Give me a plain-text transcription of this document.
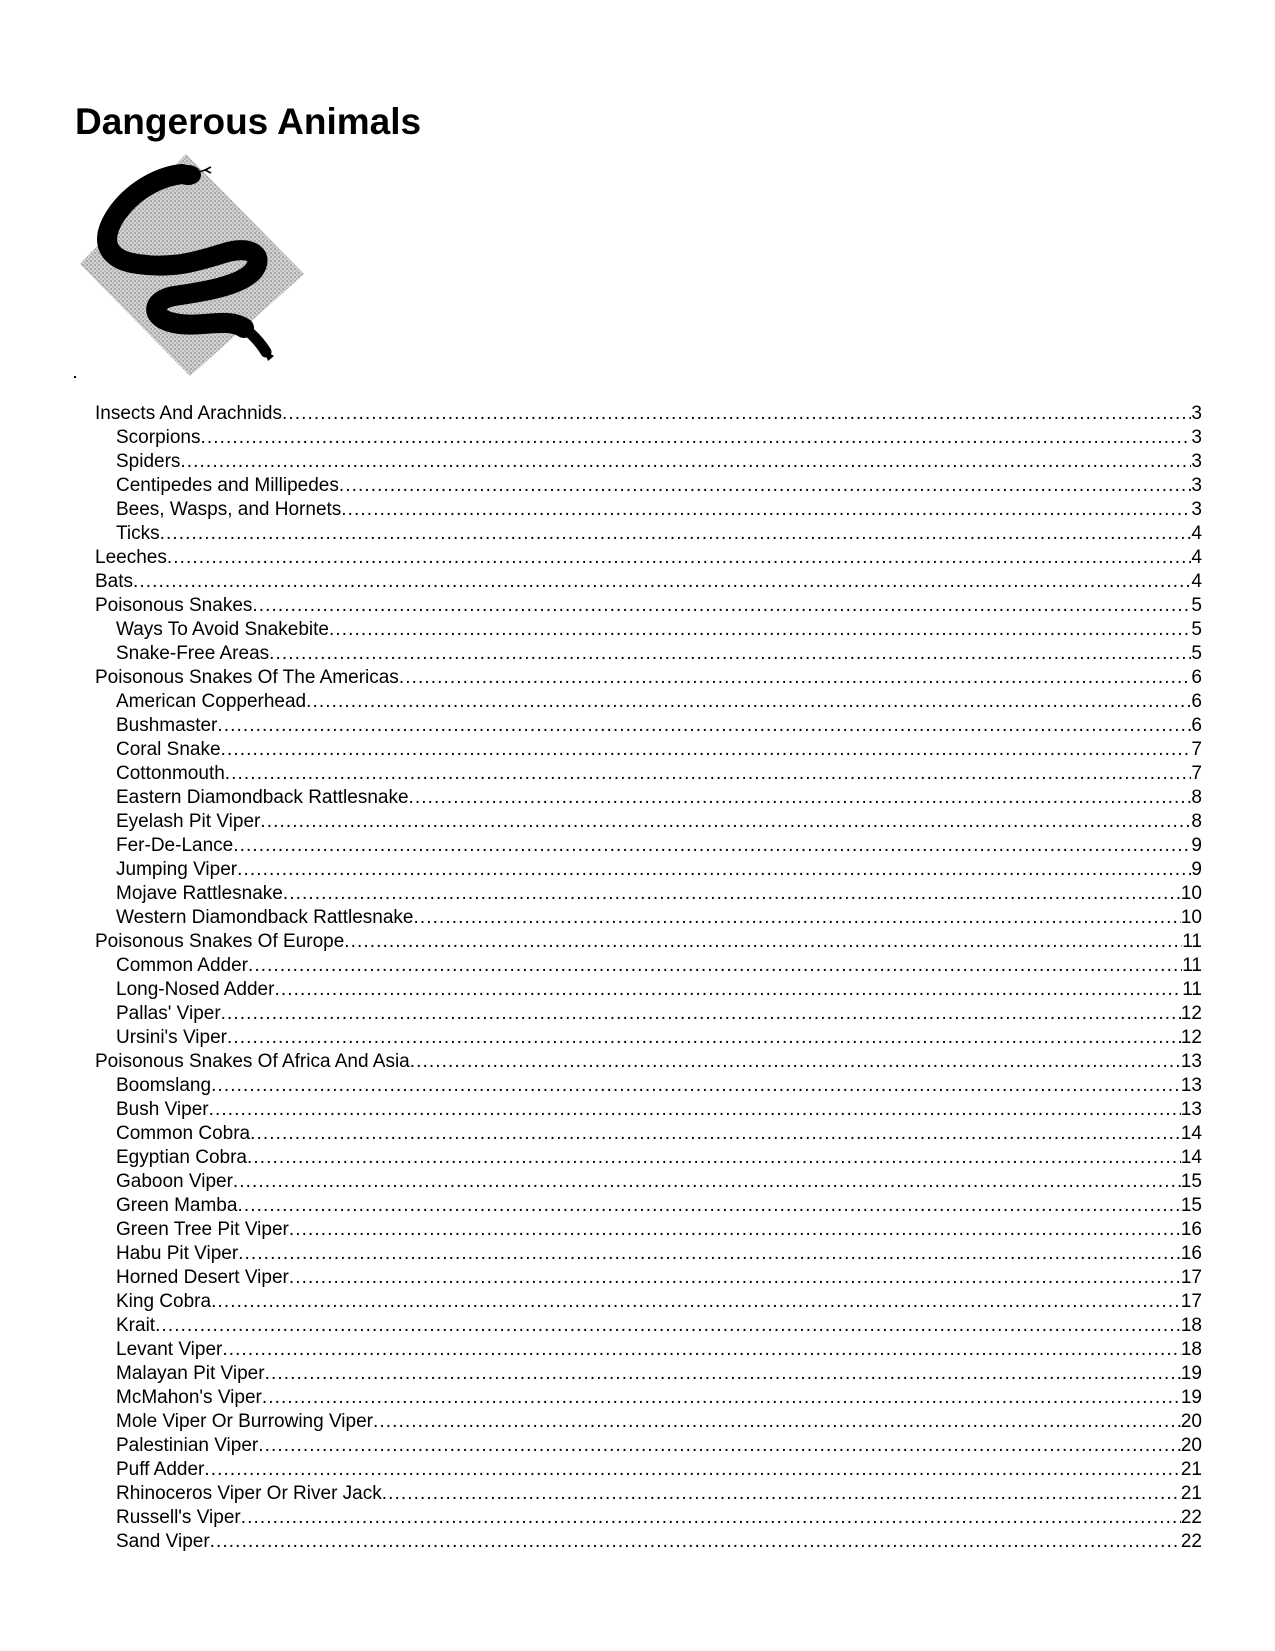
Dangerous Animals
Insects And Arachnids .....	3
Scorpions .....	3
Spiders .....	3
Centipedes and Millipedes .....	3
Bees, Wasps, and Hornets .....	3
Ticks .....	4
Leeches .....	4
Bats .....	4
Poisonous Snakes .....	5
Ways To Avoid Snakebite .....	5
Snake-Free Areas .....	5
Poisonous Snakes Of The Americas .....	6
American Copperhead .....	6
Bushmaster .....	6
Coral Snake .....	7
Cottonmouth .....	7
Eastern Diamondback Rattlesnake .....	8
Eyelash Pit Viper .....	8
Fer-De-Lance .....	9
Jumping Viper .....	9
Mojave Rattlesnake .....	10
Western Diamondback Rattlesnake .....	10
Poisonous Snakes Of Europe .....	11
Common Adder .....	11
Long-Nosed Adder .....	11
Pallas' Viper .....	12
Ursini's Viper .....	12
Poisonous Snakes Of Africa And Asia .....	13
Boomslang .....	13
Bush Viper .....	13
Common Cobra .....	14
Egyptian Cobra .....	14
Gaboon Viper .....	15
Green Mamba .....	15
Green Tree Pit Viper .....	16
Habu Pit Viper .....	16
Horned Desert Viper .....	17
King Cobra .....	17
Krait .....	18
Levant Viper .....	18
Malayan Pit Viper .....	19
McMahon's Viper .....	19
Mole Viper Or Burrowing Viper .....	20
Palestinian Viper .....	20
Puff Adder .....	21
Rhinoceros Viper Or River Jack .....	21
Russell's Viper .....	22
Sand Viper .....	22
